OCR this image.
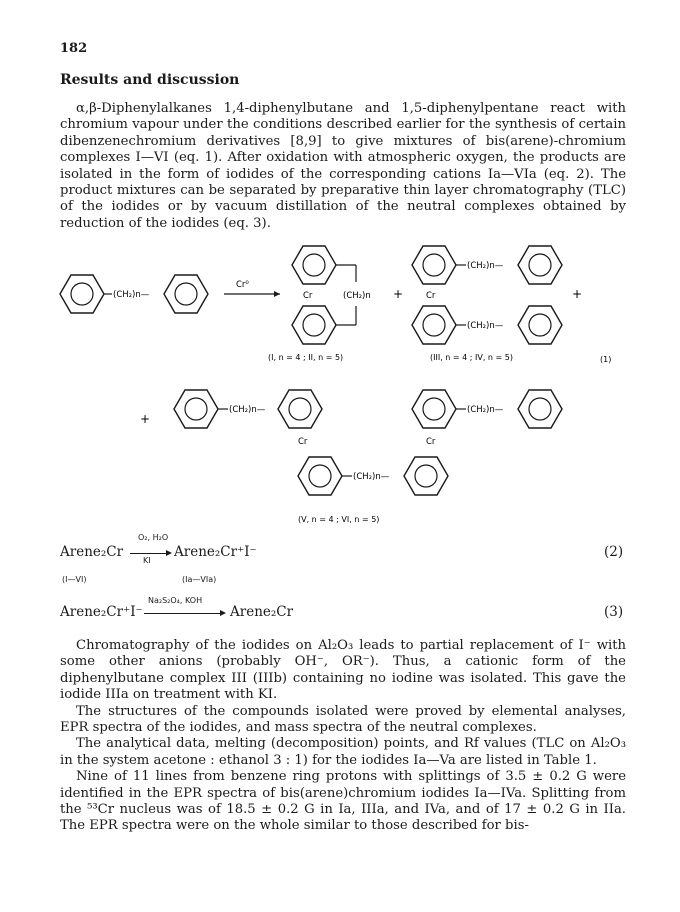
182
Results and discussion

α,β-Diphenylalkanes 1,4-diphenylbutane and 1,5-diphenylpentane react with chromium vapour under the conditions described earlier for the synthesis of certain dibenzenechromium derivatives [8,9] to give mixtures of bis(arene)-chromium complexes I—VI (eq. 1). After oxidation with atmospheric oxygen, the products are isolated in the form of iodides of the corresponding cations Ia—VIa (eq. 2). The product mixtures can be separated by preparative thin layer chromatography (TLC) of the iodides or by vacuum distillation of the neutral complexes obtained by reduction of the iodides (eq. 3).

(CH₂)n—
Cr⁰
Cr	(CH₂)n +
(CH₂)n—
Cr
(CH₂)n—
+
(I, n = 4 ; II, n = 5)	(III, n = 4 ; IV, n = 5)	(1)
+
(CH₂)n—
Cr
(CH₂)n—
Cr
(CH₂)n—
(V, n = 4 ; VI, n = 5)
Arene₂Cr
O₂, H₂O
KI
Arene₂Cr⁺I⁻	(2)
(I—VI)	(Ia—VIa)
Arene₂Cr⁺I⁻
Na₂S₂O₄, KOH
Arene₂Cr	(3)
Chromatography of the iodides on Al₂O₃ leads to partial replacement of I⁻ with some other anions (probably OH⁻, OR⁻). Thus, a cationic form of the diphenylbutane complex III (IIIb) containing no iodine was isolated. This gave the iodide IIIa on treatment with KI.
The structures of the compounds isolated were proved by elemental analyses, EPR spectra of the iodides, and mass spectra of the neutral complexes.
The analytical data, melting (decomposition) points, and Rf values (TLC on Al₂O₃ in the system acetone : ethanol 3 : 1) for the iodides Ia—Va are listed in Table 1.
Nine of 11 lines from benzene ring protons with splittings of 3.5 ± 0.2 G were identified in the EPR spectra of bis(arene)chromium iodides Ia—IVa. Splitting from the ⁵³Cr nucleus was of 18.5 ± 0.2 G in Ia, IIIa, and IVa, and of 17 ± 0.2 G in IIa. The EPR spectra were on the whole similar to those described for bis-
